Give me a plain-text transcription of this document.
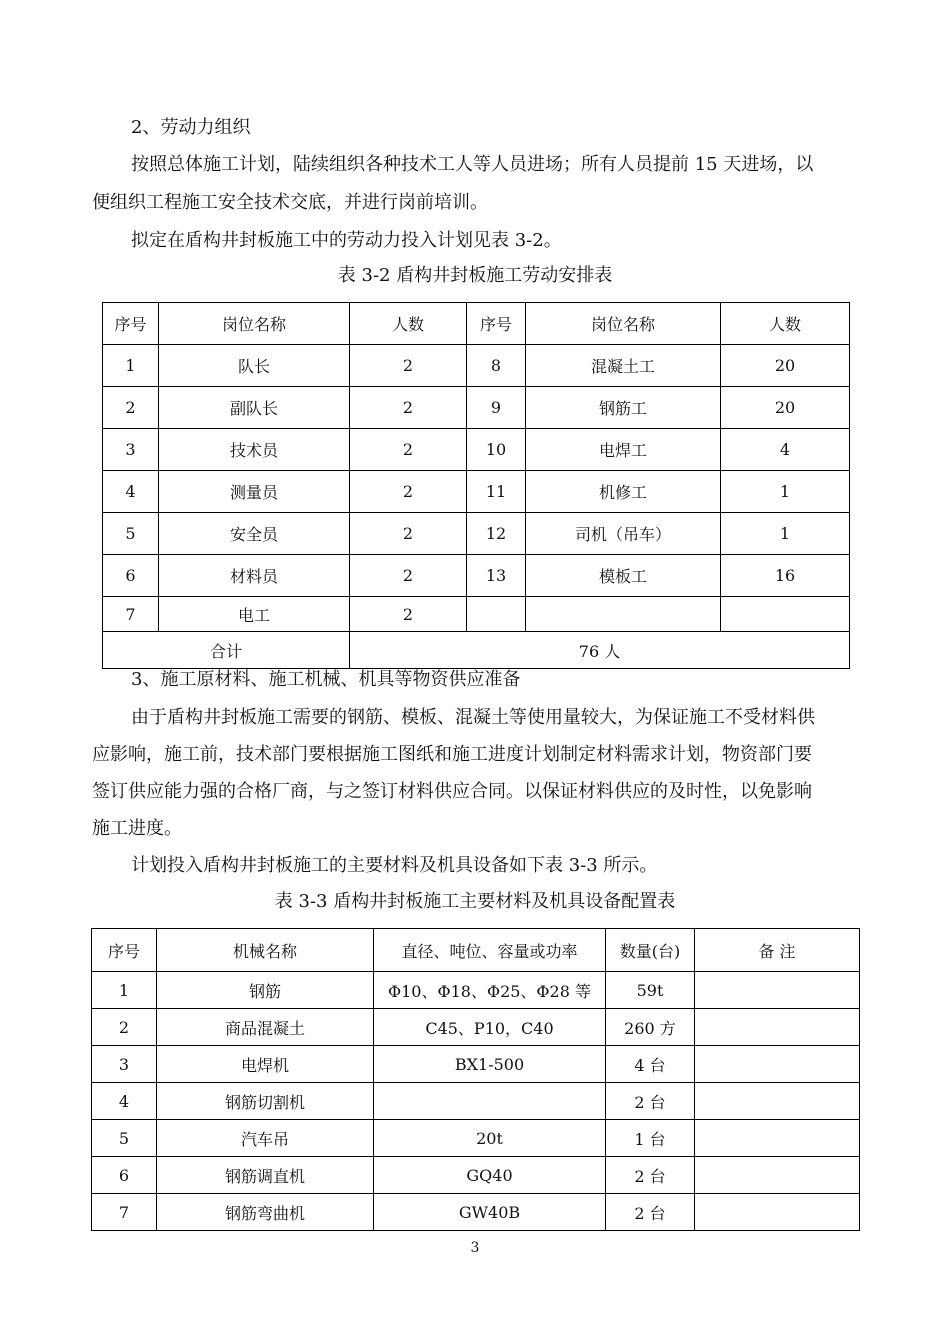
2、劳动力组织
按照总体施工计划，陆续组织各种技术工人等人员进场；所有人员提前 15 天进场，以
便组织工程施工安全技术交底，并进行岗前培训。
拟定在盾构井封板施工中的劳动力投入计划见表 3-2。
表 3-2 盾构井封板施工劳动安排表
序号	岗位名称	人数	序号	岗位名称	人数
1	队长	2	8	混凝土工	20
2	副队长	2	9	钢筋工	20
3	技术员	2	10	电焊工	4
4	测量员	2	11	机修工	1
5	安全员	2	12	司机（吊车）	1
6	材料员	2	13	模板工	16
7	电工	2			
合计		76 人			
3、施工原材料、施工机械、机具等物资供应准备
由于盾构井封板施工需要的钢筋、模板、混凝土等使用量较大，为保证施工不受材料供
应影响，施工前，技术部门要根据施工图纸和施工进度计划制定材料需求计划，物资部门要
签订供应能力强的合格厂商，与之签订材料供应合同。以保证材料供应的及时性，以免影响
施工进度。
计划投入盾构井封板施工的主要材料及机具设备如下表 3-3 所示。
表 3-3 盾构井封板施工主要材料及机具设备配置表
序号	机械名称	直径、吨位、容量或功率	数量(台)	备 注
1	钢筋	Φ10、Φ18、Φ25、Φ28 等	59t	
2	商品混凝土	C45、P10，C40	260 方	
3	电焊机	BX1-500	4 台	
4	钢筋切割机		2 台	
5	汽车吊	20t	1 台	
6	钢筋调直机	GQ40	2 台	
7	钢筋弯曲机	GW40B	2 台	
3
